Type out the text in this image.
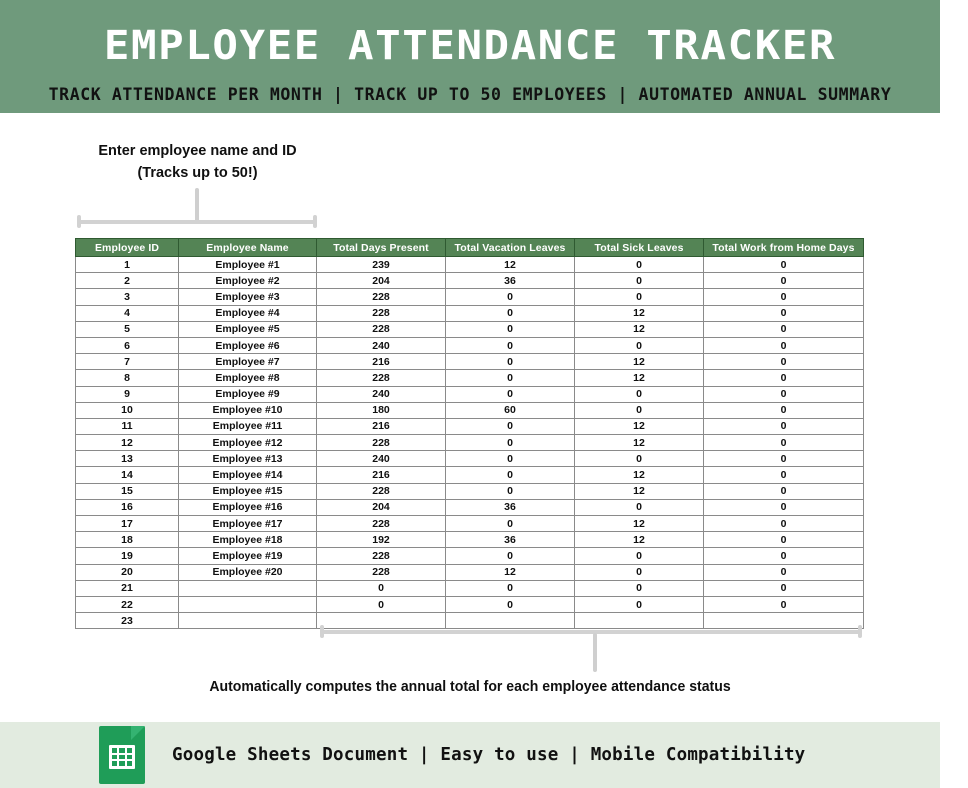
EMPLOYEE ATTENDANCE TRACKER
TRACK ATTENDANCE PER MONTH | TRACK UP TO 50 EMPLOYEES | AUTOMATED ANNUAL SUMMARY
Enter employee name and ID
(Tracks up to 50!)
Employee ID	Employee Name	Total Days Present	Total Vacation Leaves	Total Sick Leaves	Total Work from Home Days
1	Employee #1	239	12	0	0
2	Employee #2	204	36	0	0
3	Employee #3	228	0	0	0
4	Employee #4	228	0	12	0
5	Employee #5	228	0	12	0
6	Employee #6	240	0	0	0
7	Employee #7	216	0	12	0
8	Employee #8	228	0	12	0
9	Employee #9	240	0	0	0
10	Employee #10	180	60	0	0
11	Employee #11	216	0	12	0
12	Employee #12	228	0	12	0
13	Employee #13	240	0	0	0
14	Employee #14	216	0	12	0
15	Employee #15	228	0	12	0
16	Employee #16	204	36	0	0
17	Employee #17	228	0	12	0
18	Employee #18	192	36	12	0
19	Employee #19	228	0	0	0
20	Employee #20	228	12	0	0
21		0	0	0	0
22		0	0	0	0
23					
Automatically computes the annual total for each employee attendance status
Google Sheets Document | Easy to use | Mobile Compatibility
